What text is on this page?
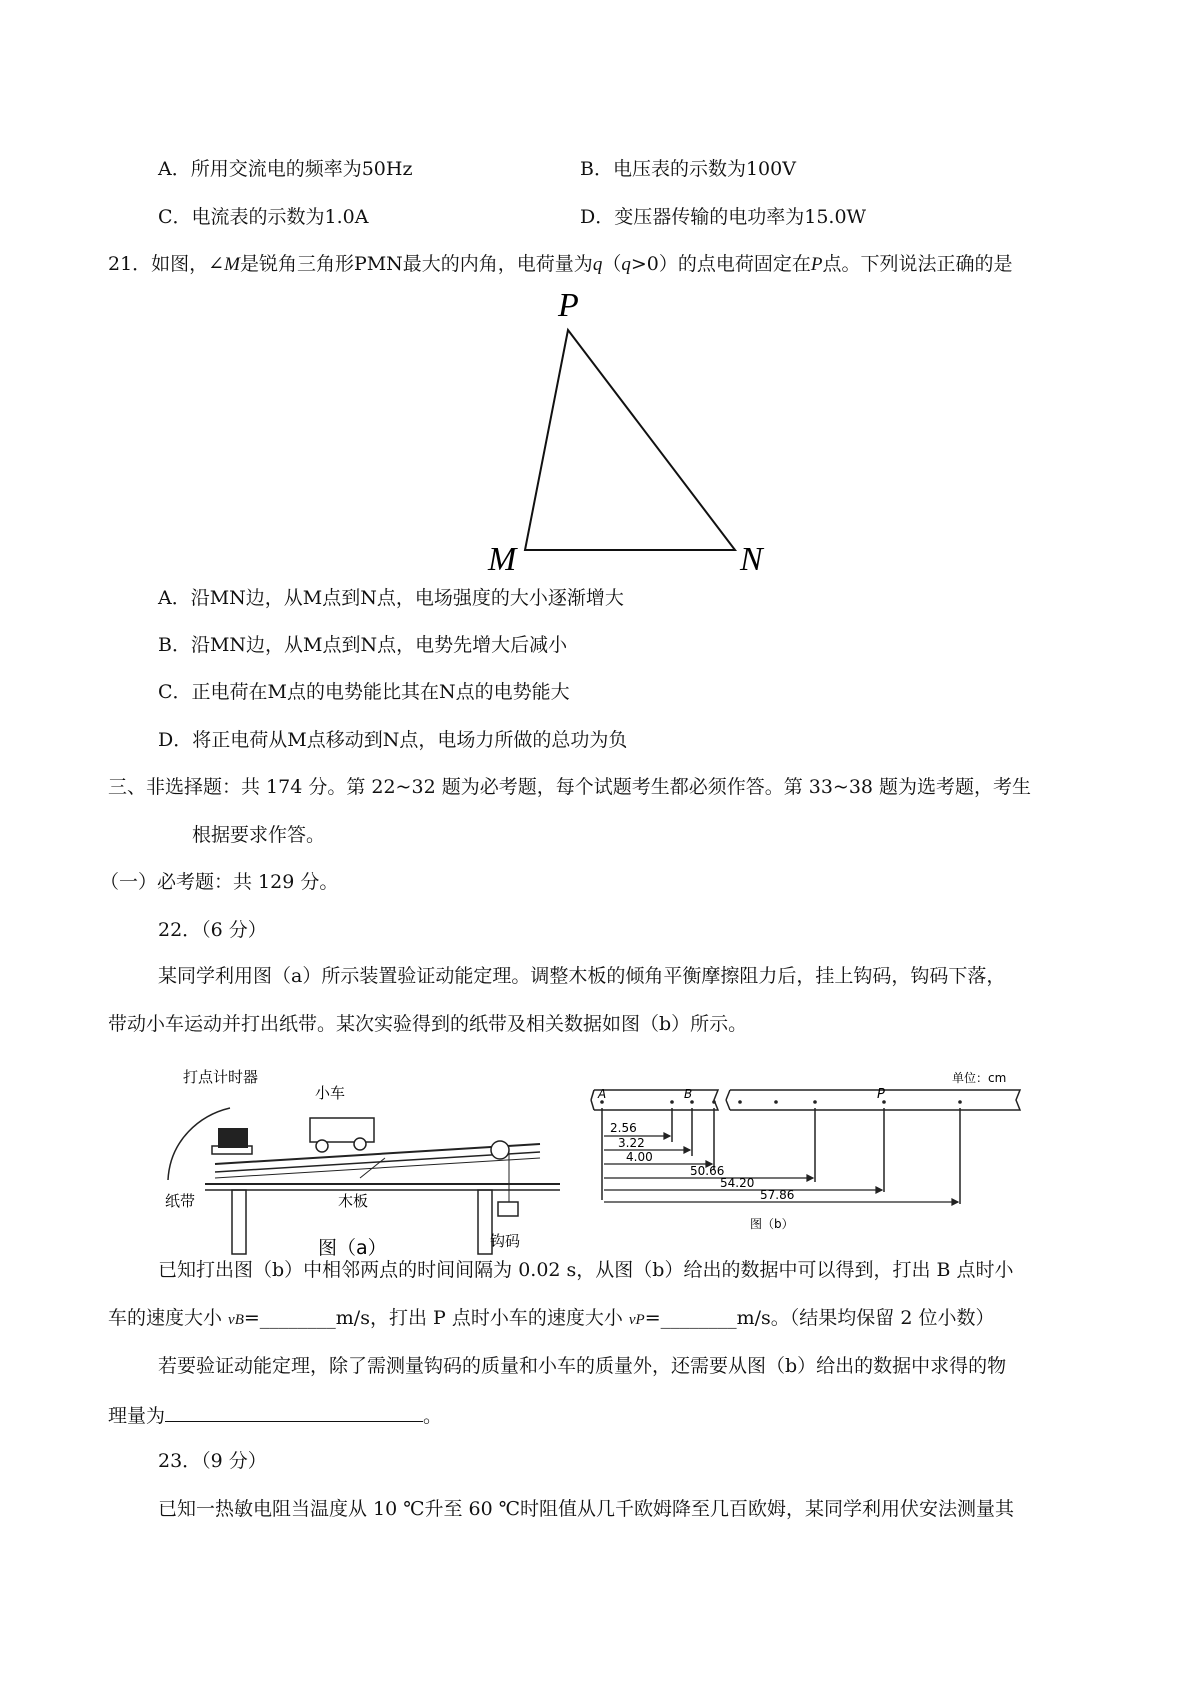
A．所用交流电的频率为50Hz	B．电压表的示数为100V
C．电流表的示数为1.0A	D．变压器传输的电功率为15.0W
21．如图，∠M是锐角三角形PMN最大的内角，电荷量为q（q>0）的点电荷固定在P点。下列说法正确的是
P
M	N
A．沿MN边，从M点到N点，电场强度的大小逐渐增大
B．沿MN边，从M点到N点，电势先增大后减小
C．正电荷在M点的电势能比其在N点的电势能大
D．将正电荷从M点移动到N点，电场力所做的总功为负
三、非选择题：共 174 分。第 22~32 题为必考题，每个试题考生都必须作答。第 33~38 题为选考题，考生
根据要求作答。
（一）必考题：共 129 分。
22．（6 分）
某同学利用图（a）所示装置验证动能定理。调整木板的倾角平衡摩擦阻力后，挂上钩码，钩码下落，
带动小车运动并打出纸带。某次实验得到的纸带及相关数据如图（b）所示。
打点计时器
小车
纸带	木板
钩码
图（a）
A	B	P
单位：cm
2.56
3.22
4.00
50.66
54.20
57.86
图（b）
已知打出图（b）中相邻两点的时间间隔为 0.02 s，从图（b）给出的数据中可以得到，打出 B 点时小
车的速度大小 vB=________m/s，打出 P 点时小车的速度大小 vP=________m/s。（结果均保留 2 位小数）
若要验证动能定理，除了需测量钩码的质量和小车的质量外，还需要从图（b）给出的数据中求得的物
理量为	。
23．（9 分）
已知一热敏电阻当温度从 10 ℃升至 60 ℃时阻值从几千欧姆降至几百欧姆，某同学利用伏安法测量其
